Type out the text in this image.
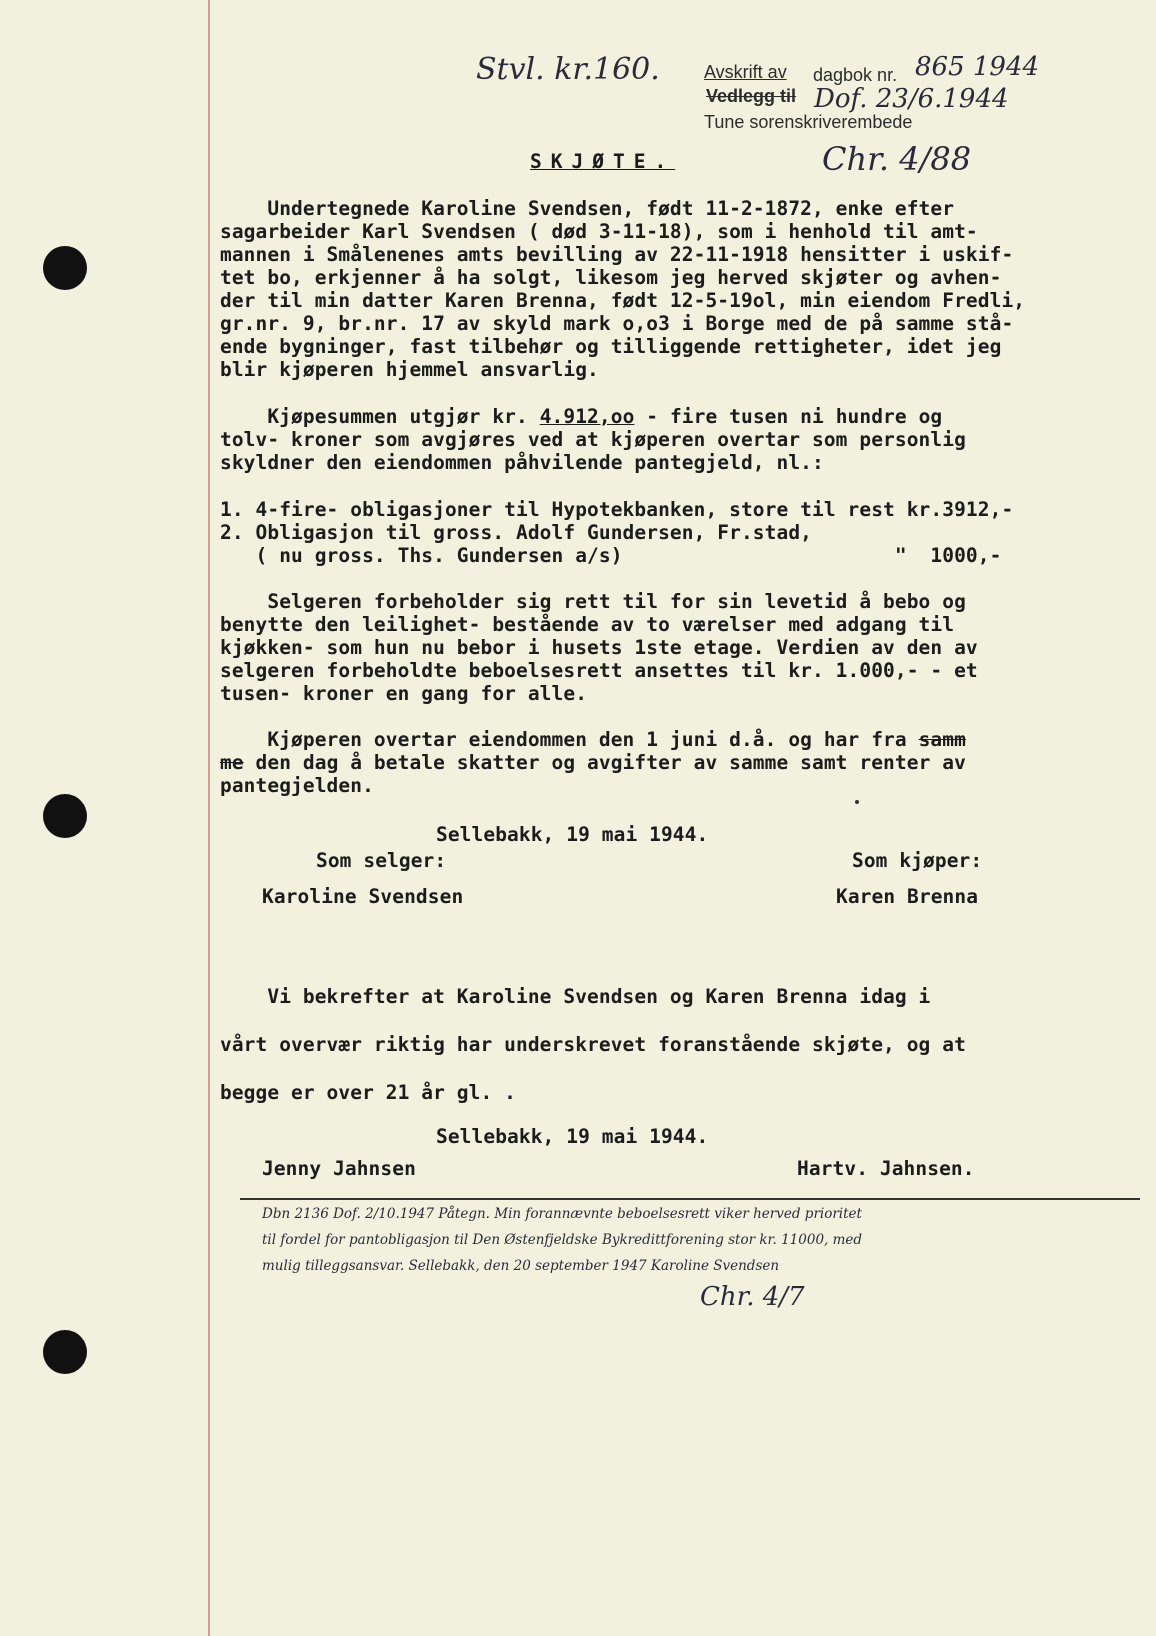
Stvl. kr.160. Avskrift av
Vedlegg til
Tune sorenskriverembede
dagbok nr. 865 1944
Dof. 23/6.1944
Chr. 4/88
SKJØTE.
Undertegnede Karoline Svendsen, født 11-2-1872, enke efter
sagarbeider Karl Svendsen ( død 3-11-18), som i henhold til amt-
mannen i Smålenenes amts bevilling av 22-11-1918 hensitter i uskif-
tet bo, erkjenner å ha solgt, likesom jeg herved skjøter og avhen-
der til min datter Karen Brenna, født 12-5-19ol, min eiendom Fredli,
gr.nr. 9, br.nr. 17 av skyld mark o,o3 i Borge med de på samme stå-
ende bygninger, fast tilbehør og tilliggende rettigheter, idet jeg
blir kjøperen hjemmel ansvarlig.
Kjøpesummen utgjør kr. 4.912,oo - fire tusen ni hundre og
tolv- kroner som avgjøres ved at kjøperen overtar som personlig
skyldner den eiendommen påhvilende pantegjeld, nl.:
1. 4-fire- obligasjoner til Hypotekbanken, store til rest kr.3912,-
2. Obligasjon til gross. Adolf Gundersen, Fr.stad,
( nu gross. Ths. Gundersen a/s)                       "  1000,-
Selgeren forbeholder sig rett til for sin levetid å bebo og
benytte den leilighet- bestående av to værelser med adgang til
kjøkken- som hun nu bebor i husets 1ste etage. Verdien av den av
selgeren forbeholdte beboelsesrett ansettes til kr. 1.000,- - et
tusen- kroner en gang for alle.
Kjøperen overtar eiendommen den 1 juni d.å. og har fra samm
me den dag å betale skatter og avgifter av samme samt renter av
pantegjelden.
Sellebakk, 19 mai 1944.
Som selger:	Som kjøper:
Karoline Svendsen	Karen Brenna
Vi bekrefter at Karoline Svendsen og Karen Brenna idag i
vårt overvær riktig har underskrevet foranstående skjøte, og at
begge er over 21 år gl. .
Sellebakk, 19 mai 1944.
Jenny Jahnsen	Hartv. Jahnsen.
Dbn 2136 Dof. 2/10.1947 Påtegn. Min forannævnte beboelsesrett viker herved prioritet
til fordel for pantobligasjon til Den Østenfjeldske Bykredittforening stor kr. 11000, med
mulig tilleggsansvar. Sellebakk, den 20 september 1947 Karoline Svendsen
Chr. 4/7
